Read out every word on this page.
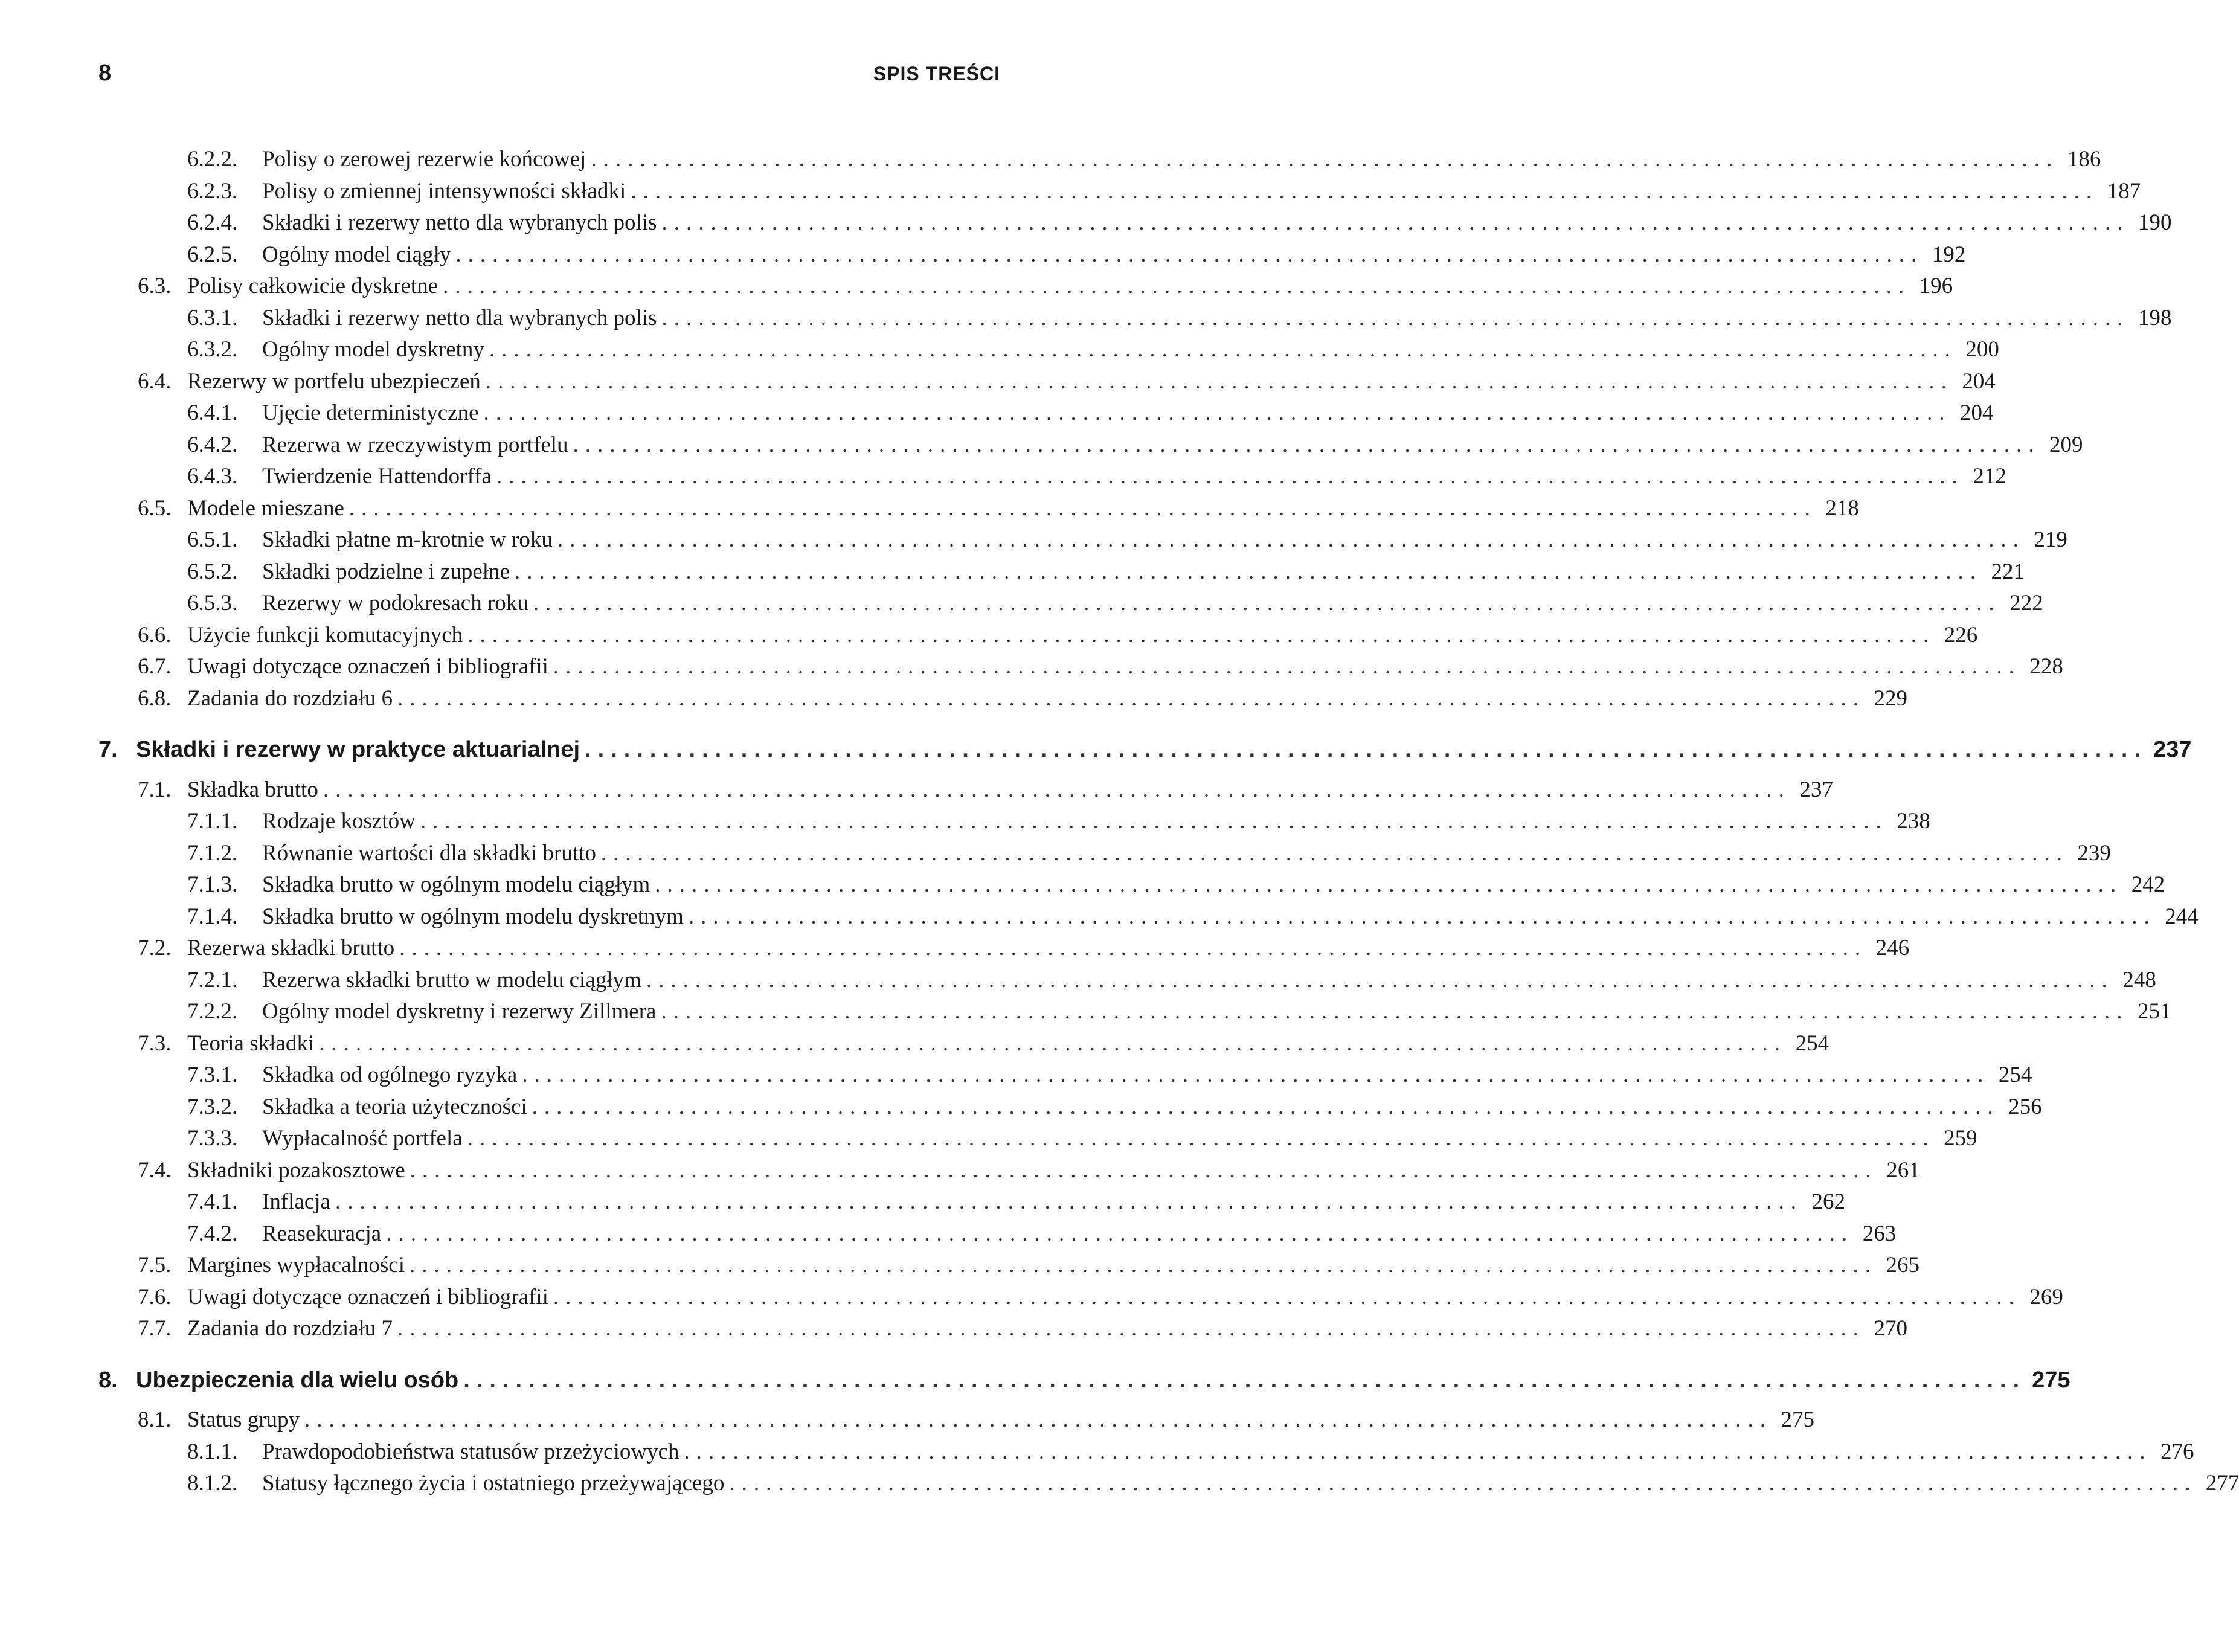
8	SPIS TREŚCI
6.2.2.	Polisy o zerowej rezerwie końcowej ........................................................................................................................ 186
6.2.3.	Polisy o zmiennej intensywności składki ........................................................................................................................ 187
6.2.4.	Składki i rezerwy netto dla wybranych polis ........................................................................................................................ 190
6.2.5.	Ogólny model ciągły ........................................................................................................................ 192
6.3. Polisy całkowicie dyskretne ........................................................................................................................ 196
6.3.1.	Składki i rezerwy netto dla wybranych polis ........................................................................................................................ 198
6.3.2.	Ogólny model dyskretny ........................................................................................................................ 200
6.4. Rezerwy w portfelu ubezpieczeń ........................................................................................................................ 204
6.4.1.	Ujęcie deterministyczne ........................................................................................................................ 204
6.4.2.	Rezerwa w rzeczywistym portfelu ........................................................................................................................ 209
6.4.3.	Twierdzenie Hattendorffa ........................................................................................................................ 212
6.5. Modele mieszane ........................................................................................................................ 218
6.5.1.	Składki płatne m-krotnie w roku ........................................................................................................................ 219
6.5.2.	Składki podzielne i zupełne ........................................................................................................................ 221
6.5.3.	Rezerwy w podokresach roku ........................................................................................................................ 222
6.6. Użycie funkcji komutacyjnych ........................................................................................................................ 226
6.7. Uwagi dotyczące oznaczeń i bibliografii ........................................................................................................................ 228
6.8. Zadania do rozdziału 6 ........................................................................................................................ 229
7. Składki i rezerwy w praktyce aktuarialnej ........................................................................................................................ 237
7.1. Składka brutto ........................................................................................................................ 237
7.1.1.	Rodzaje kosztów ........................................................................................................................ 238
7.1.2.	Równanie wartości dla składki brutto ........................................................................................................................ 239
7.1.3.	Składka brutto w ogólnym modelu ciągłym ........................................................................................................................ 242
7.1.4.	Składka brutto w ogólnym modelu dyskretnym ........................................................................................................................ 244
7.2. Rezerwa składki brutto ........................................................................................................................ 246
7.2.1.	Rezerwa składki brutto w modelu ciągłym ........................................................................................................................ 248
7.2.2.	Ogólny model dyskretny i rezerwy Zillmera ........................................................................................................................ 251
7.3. Teoria składki ........................................................................................................................ 254
7.3.1.	Składka od ogólnego ryzyka ........................................................................................................................ 254
7.3.2.	Składka a teoria użyteczności ........................................................................................................................ 256
7.3.3.	Wypłacalność portfela ........................................................................................................................ 259
7.4. Składniki pozakosztowe ........................................................................................................................ 261
7.4.1.	Inflacja ........................................................................................................................ 262
7.4.2.	Reasekuracja ........................................................................................................................ 263
7.5. Margines wypłacalności ........................................................................................................................ 265
7.6. Uwagi dotyczące oznaczeń i bibliografii ........................................................................................................................ 269
7.7. Zadania do rozdziału 7 ........................................................................................................................ 270
8. Ubezpieczenia dla wielu osób ........................................................................................................................ 275
8.1. Status grupy ........................................................................................................................ 275
8.1.1.	Prawdopodobieństwa statusów przeżyciowych ........................................................................................................................ 276
8.1.2.	Statusy łącznego życia i ostatniego przeżywającego ........................................................................................................................ 277
